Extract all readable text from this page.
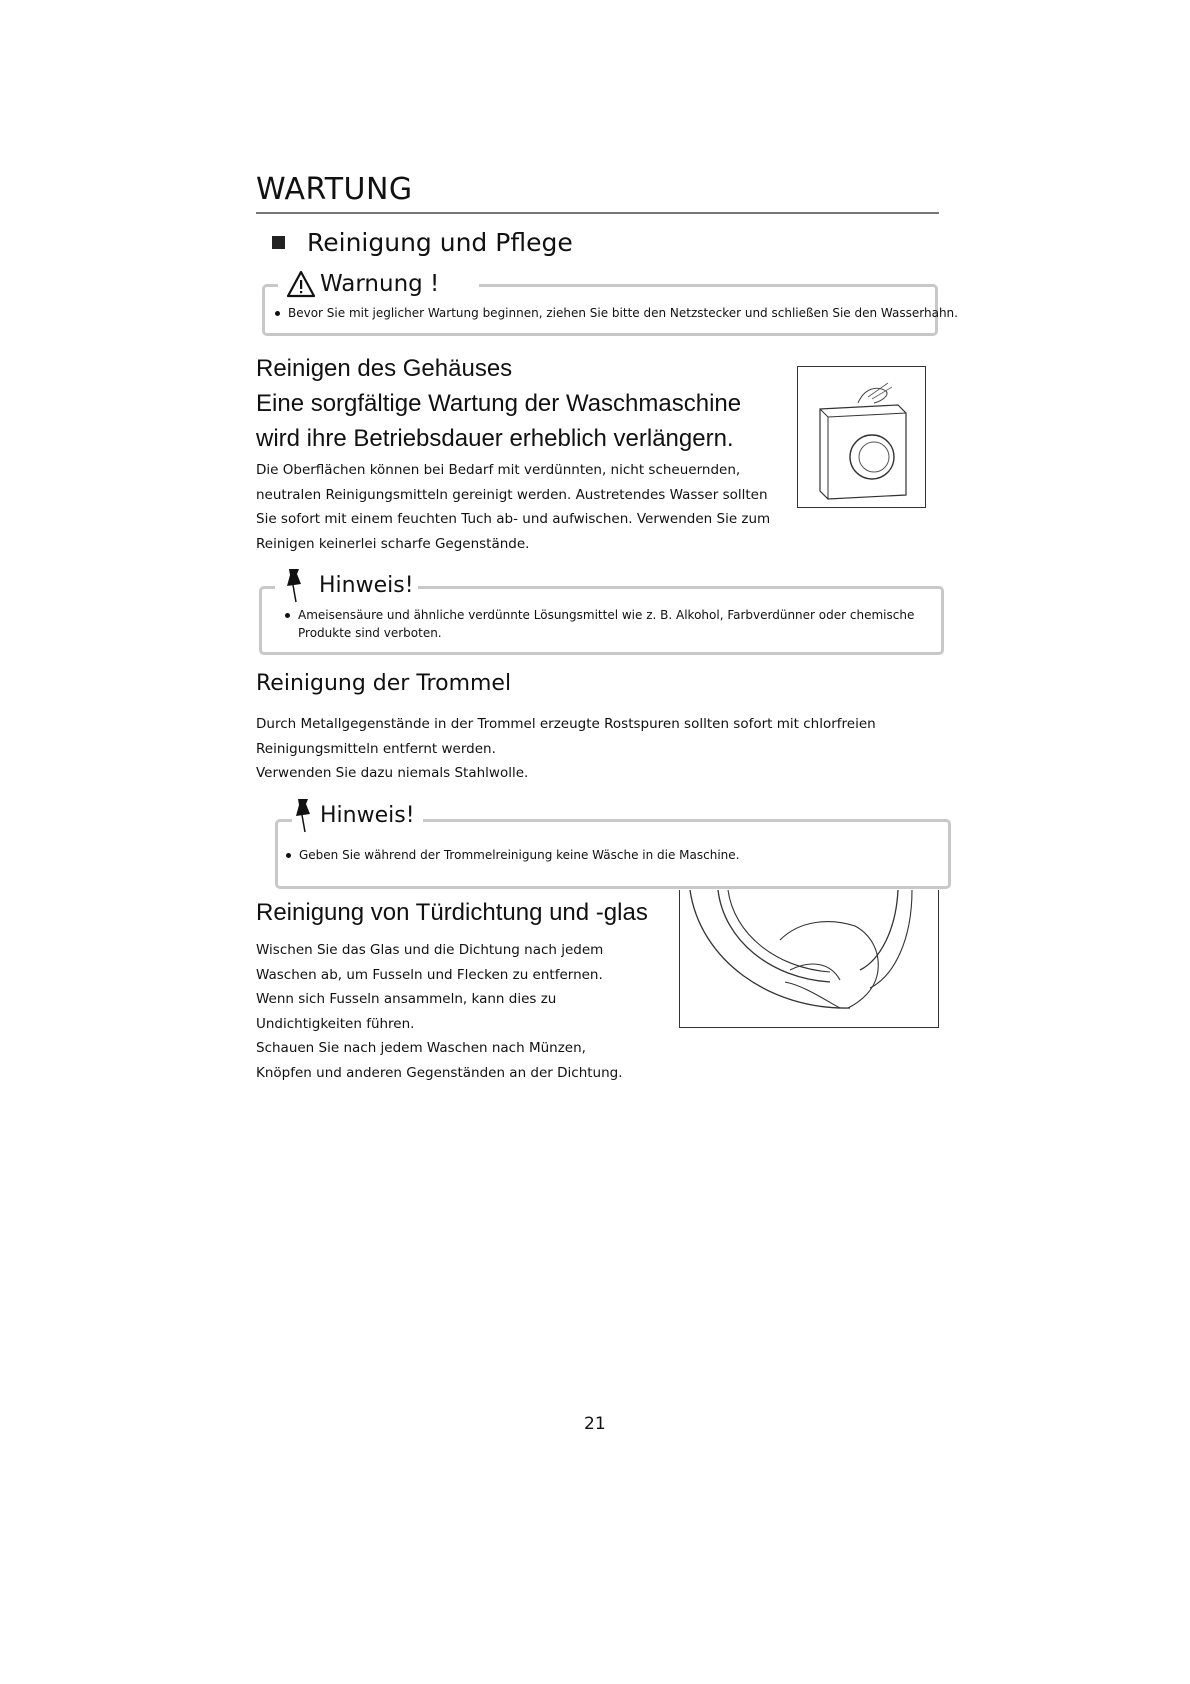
WARTUNG
Reinigung und Pflege
Bevor Sie mit jeglicher Wartung beginnen, ziehen Sie bitte den Netzstecker und schließen Sie den Wasserhahn.
Warnung !
Reinigen des Gehäuses
Eine sorgfältige Wartung der Waschmaschine
wird ihre Betriebsdauer erheblich verlängern.
Die Oberflächen können bei Bedarf mit verdünnten, nicht scheuernden,
neutralen Reinigungsmitteln gereinigt werden. Austretendes Wasser sollten
Sie sofort mit einem feuchten Tuch ab- und aufwischen. Verwenden Sie zum
Reinigen keinerlei scharfe Gegenstände.
Ameisensäure und ähnliche verdünnte Lösungsmittel wie z. B. Alkohol, Farbverdünner oder chemische
Produkte sind verboten.
Hinweis!
Reinigung der Trommel
Durch Metallgegenstände in der Trommel erzeugte Rostspuren sollten sofort mit chlorfreien
Reinigungsmitteln entfernt werden.
Verwenden Sie dazu niemals Stahlwolle.
Geben Sie während der Trommelreinigung keine Wäsche in die Maschine.
Hinweis!
Reinigung von Türdichtung und -glas
Wischen Sie das Glas und die Dichtung nach jedem
Waschen ab, um Fusseln und Flecken zu entfernen.
Wenn sich Fusseln ansammeln, kann dies zu
Undichtigkeiten führen.
Schauen Sie nach jedem Waschen nach Münzen,
Knöpfen und anderen Gegenständen an der Dichtung.
21
